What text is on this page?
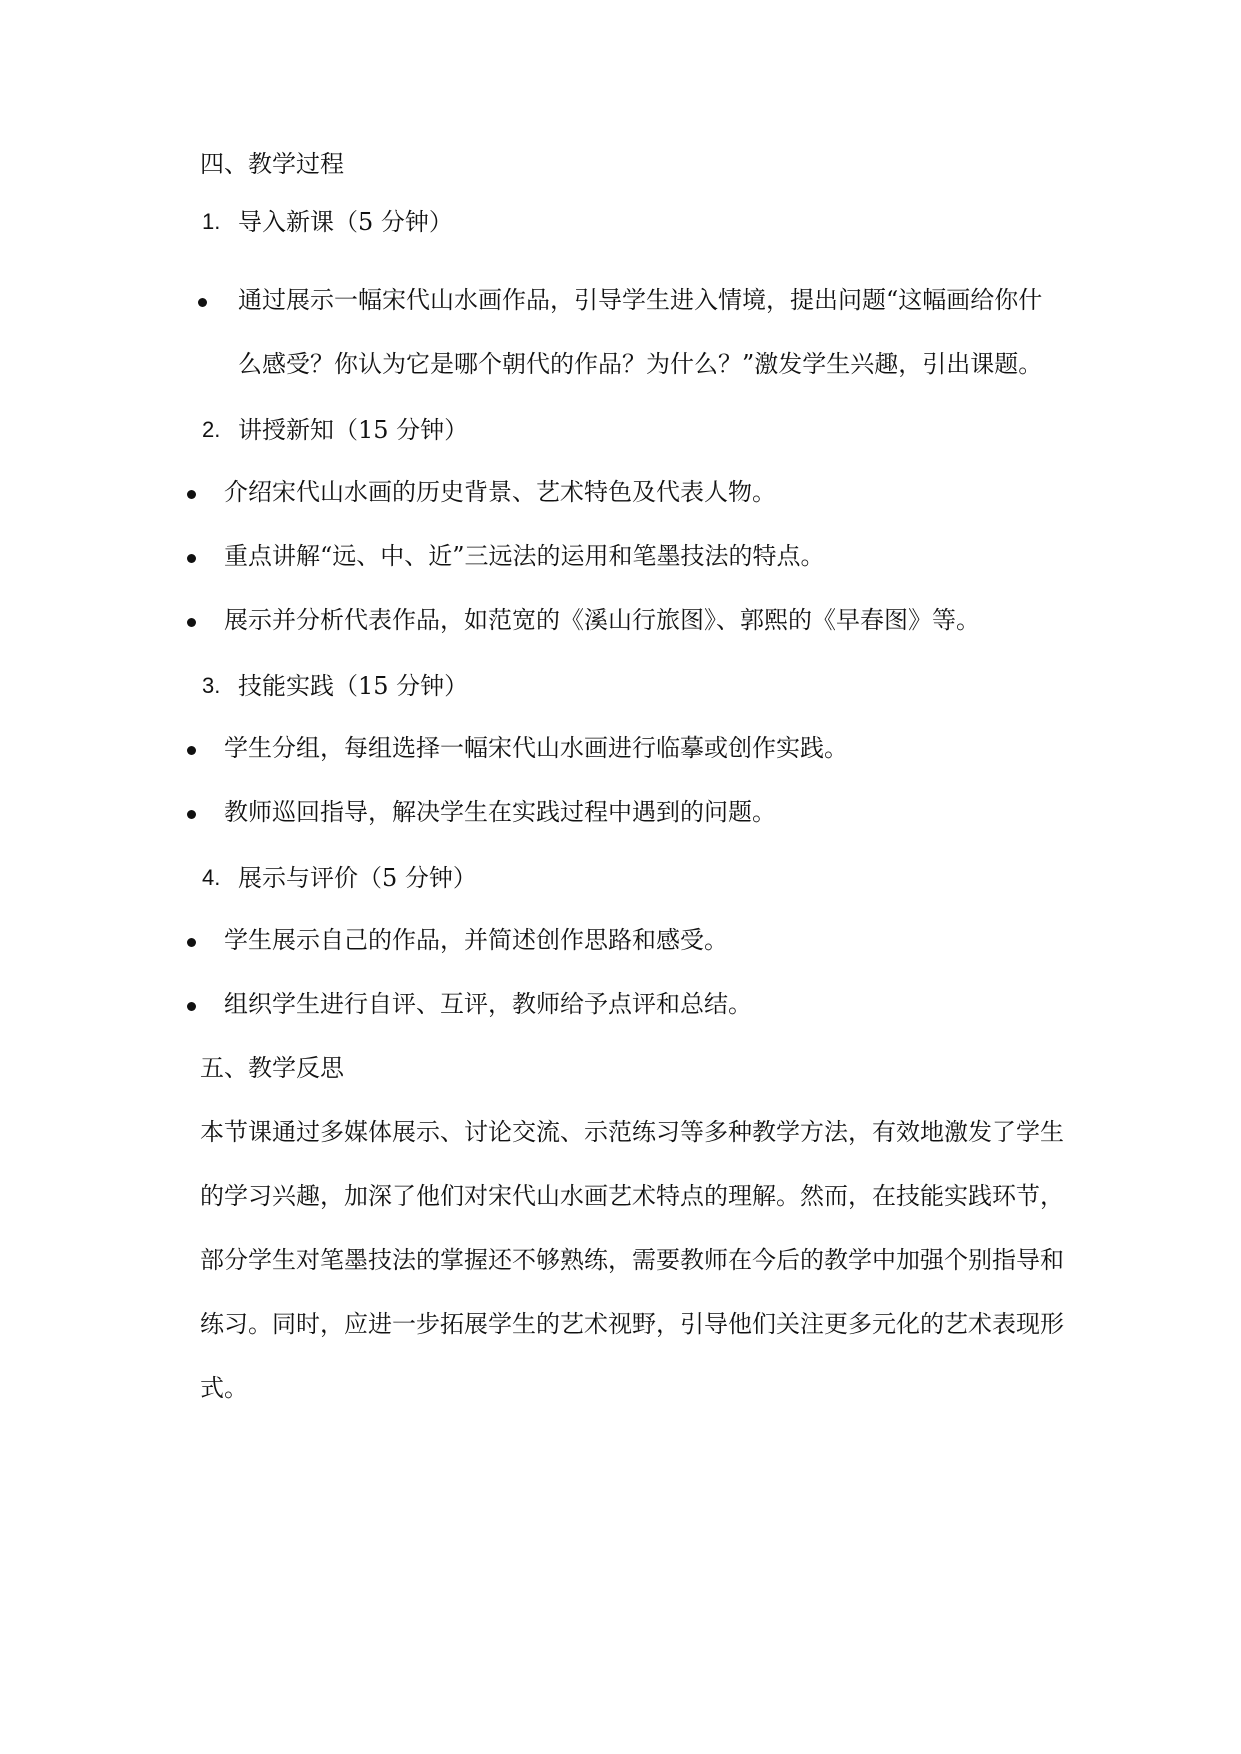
四、教学过程
1. 导入新课（5 分钟）
通过展示一幅宋代山水画作品，引导学生进入情境，提出问题“这幅画给你什
么感受？你认为它是哪个朝代的作品？为什么？”激发学生兴趣，引出课题。
2. 讲授新知（15 分钟）
介绍宋代山水画的历史背景、艺术特色及代表人物。
重点讲解“远、中、近”三远法的运用和笔墨技法的特点。
展示并分析代表作品，如范宽的《溪山行旅图》、郭熙的《早春图》等。
3. 技能实践（15 分钟）
学生分组，每组选择一幅宋代山水画进行临摹或创作实践。
教师巡回指导，解决学生在实践过程中遇到的问题。
4. 展示与评价（5 分钟）
学生展示自己的作品，并简述创作思路和感受。
组织学生进行自评、互评，教师给予点评和总结。
五、教学反思
本节课通过多媒体展示、讨论交流、示范练习等多种教学方法，有效地激发了学生
的学习兴趣，加深了他们对宋代山水画艺术特点的理解。然而，在技能实践环节，
部分学生对笔墨技法的掌握还不够熟练，需要教师在今后的教学中加强个别指导和
练习。同时，应进一步拓展学生的艺术视野，引导他们关注更多元化的艺术表现形
式。
